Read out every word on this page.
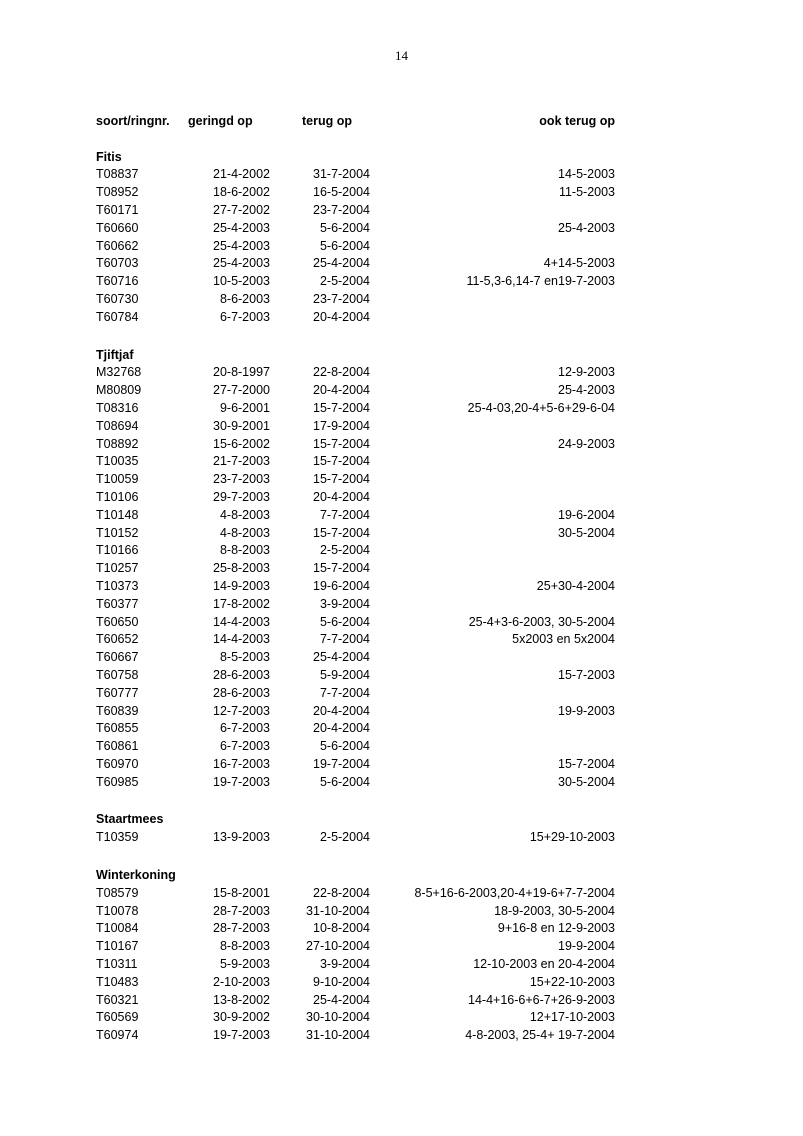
14
soort/ringnr.	geringd op	terug op	ook terug op
Fitis
T08837	21-4-2002	31-7-2004	14-5-2003
T08952	18-6-2002	16-5-2004	11-5-2003
T60171	27-7-2002	23-7-2004
T60660	25-4-2003	5-6-2004	25-4-2003
T60662	25-4-2003	5-6-2004
T60703	25-4-2003	25-4-2004	4+14-5-2003
T60716	10-5-2003	2-5-2004	11-5,3-6,14-7 en19-7-2003
T60730	8-6-2003	23-7-2004
T60784	6-7-2003	20-4-2004
Tjiftjaf
M32768	20-8-1997	22-8-2004	12-9-2003
M80809	27-7-2000	20-4-2004	25-4-2003
T08316	9-6-2001	15-7-2004	25-4-03,20-4+5-6+29-6-04
T08694	30-9-2001	17-9-2004
T08892	15-6-2002	15-7-2004	24-9-2003
T10035	21-7-2003	15-7-2004
T10059	23-7-2003	15-7-2004
T10106	29-7-2003	20-4-2004
T10148	4-8-2003	7-7-2004	19-6-2004
T10152	4-8-2003	15-7-2004	30-5-2004
T10166	8-8-2003	2-5-2004
T10257	25-8-2003	15-7-2004
T10373	14-9-2003	19-6-2004	25+30-4-2004
T60377	17-8-2002	3-9-2004
T60650	14-4-2003	5-6-2004	25-4+3-6-2003, 30-5-2004
T60652	14-4-2003	7-7-2004	5x2003 en 5x2004
T60667	8-5-2003	25-4-2004
T60758	28-6-2003	5-9-2004	15-7-2003
T60777	28-6-2003	7-7-2004
T60839	12-7-2003	20-4-2004	19-9-2003
T60855	6-7-2003	20-4-2004
T60861	6-7-2003	5-6-2004
T60970	16-7-2003	19-7-2004	15-7-2004
T60985	19-7-2003	5-6-2004	30-5-2004
Staartmees
T10359	13-9-2003	2-5-2004	15+29-10-2003
Winterkoning
T08579	15-8-2001	22-8-2004	8-5+16-6-2003,20-4+19-6+7-7-2004
T10078	28-7-2003	31-10-2004	18-9-2003, 30-5-2004
T10084	28-7-2003	10-8-2004	9+16-8 en 12-9-2003
T10167	8-8-2003	27-10-2004	19-9-2004
T10311	5-9-2003	3-9-2004	12-10-2003 en 20-4-2004
T10483	2-10-2003	9-10-2004	15+22-10-2003
T60321	13-8-2002	25-4-2004	14-4+16-6+6-7+26-9-2003
T60569	30-9-2002	30-10-2004	12+17-10-2003
T60974	19-7-2003	31-10-2004	4-8-2003, 25-4+ 19-7-2004
